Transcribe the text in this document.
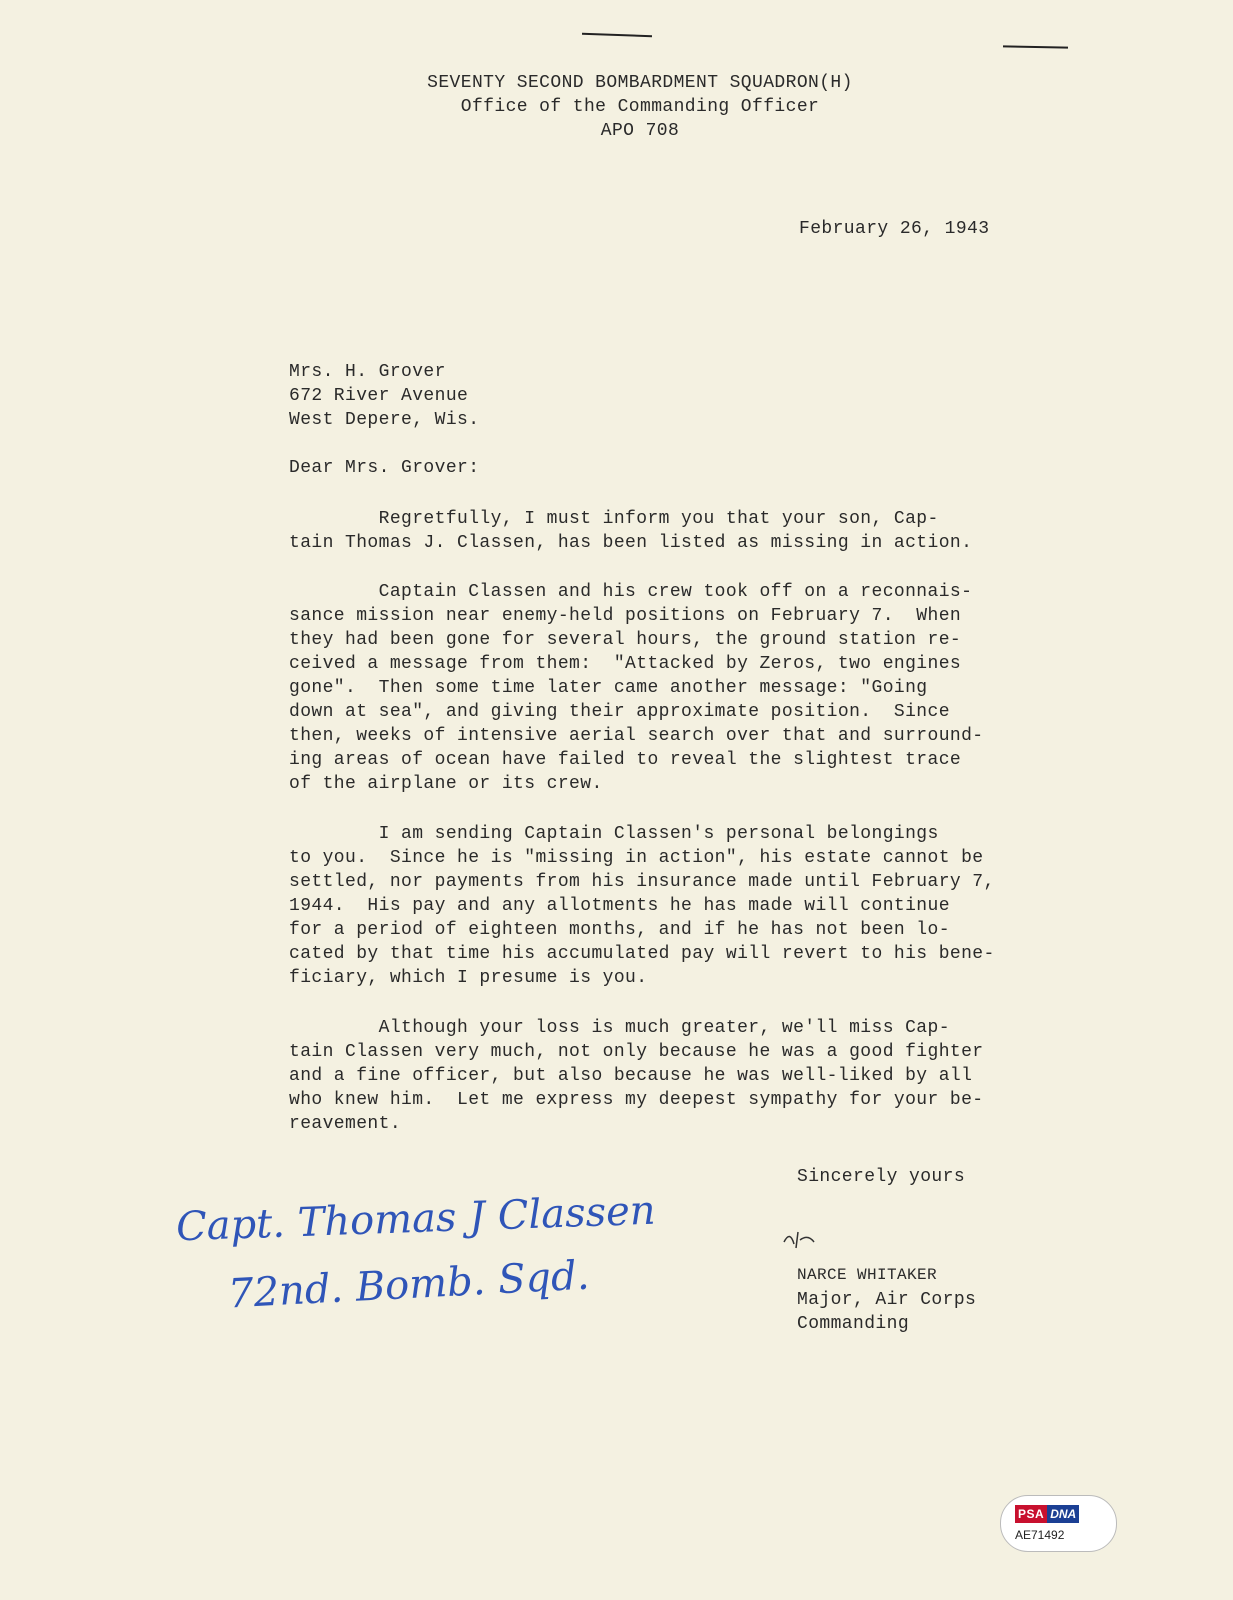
SEVENTY SECOND BOMBARDMENT SQUADRON(H)
Office of the Commanding Officer
APO 708
February 26, 1943
Mrs. H. Grover
672 River Avenue
West Depere, Wis.
Dear Mrs. Grover:
Regretfully, I must inform you that your son, Cap-
tain Thomas J. Classen, has been listed as missing in action.
Captain Classen and his crew took off on a reconnais-
sance mission near enemy-held positions on February 7.  When
they had been gone for several hours, the ground station re-
ceived a message from them:  "Attacked by Zeros, two engines
gone".  Then some time later came another message: "Going
down at sea", and giving their approximate position.  Since
then, weeks of intensive aerial search over that and surround-
ing areas of ocean have failed to reveal the slightest trace
of the airplane or its crew.
I am sending Captain Classen's personal belongings
to you.  Since he is "missing in action", his estate cannot be
settled, nor payments from his insurance made until February 7,
1944.  His pay and any allotments he has made will continue
for a period of eighteen months, and if he has not been lo-
cated by that time his accumulated pay will revert to his bene-
ficiary, which I presume is you.
Although your loss is much greater, we'll miss Cap-
tain Classen very much, not only because he was a good fighter
and a fine officer, but also because he was well-liked by all
who knew him.  Let me express my deepest sympathy for your be-
reavement.
Sincerely yours
NARCE WHITAKER
Major, Air Corps
Commanding
Capt. Thomas J Classen
72nd. Bomb. Sqd.
PSA DNA
AE71492
